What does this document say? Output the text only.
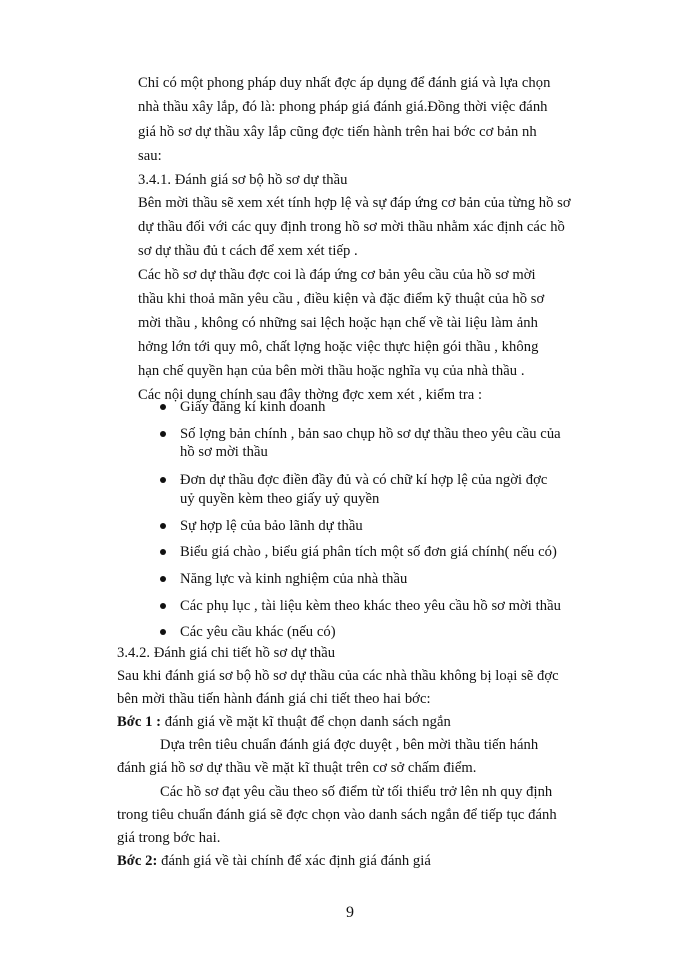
Chỉ có một phong pháp duy nhất đợc áp dụng để đánh giá và lựa chọn
nhà thầu xây lắp, đó là: phong pháp giá đánh giá.Đồng thời việc đánh
giá hồ sơ dự thầu xây lắp cũng đợc tiến hành trên hai bớc cơ bản nh
sau:
3.4.1. Đánh giá sơ bộ hồ sơ dự thầu
Bên mời thầu sẽ xem xét tính hợp lệ và sự đáp ứng cơ bản của từng hồ sơ
dự thầu đối với các quy định trong hồ sơ mời thầu nhằm xác định các hồ
sơ dự thầu đủ t cách để xem xét tiếp .
Các hồ sơ dự thầu đợc coi là đáp ứng cơ bản yêu cầu của hồ sơ mời
thầu khi thoả mãn yêu cầu , điều kiện và đặc điểm kỹ thuật của hồ sơ
mời thầu , không có những sai lệch hoặc hạn chế về tài liệu làm ảnh
hởng lớn tới quy mô, chất lợng hoặc việc thực hiện gói thầu , không
hạn chế quyền hạn của bên mời thầu hoặc nghĩa vụ của nhà thầu .
Các nội dung chính sau đây thờng đợc xem xét , kiểm tra :
Giấy đăng kí kinh doanh
Số lợng bản chính , bản sao chụp hồ sơ dự thầu theo yêu cầu của
hồ sơ mời thầu
Đơn dự thầu đợc điền đầy đủ và có chữ kí hợp lệ của ngời đợc
uỷ quyền kèm theo giấy uỷ quyền
Sự hợp lệ của bảo lãnh dự thầu
Biểu giá chào , biểu giá phân tích một số đơn giá chính( nếu có)
Năng lực và kinh nghiệm của nhà thầu
Các phụ lục , tài liệu kèm theo khác theo yêu cầu hồ sơ mời thầu
Các yêu cầu khác (nếu có)
3.4.2. Đánh giá chi tiết hồ sơ dự thầu
Sau khi đánh giá sơ bộ hồ sơ dự thầu của các nhà thầu không bị loại sẽ đợc
bên mời thầu tiến hành đánh giá chi tiết theo hai bớc:
Bớc 1 : đánh giá về mặt kĩ thuật để chọn danh sách ngắn
Dựa trên tiêu chuẩn đánh giá đợc duyệt , bên mời thầu tiến hánh
đánh giá hồ sơ dự thầu về mặt kĩ thuật trên cơ sở chấm điểm.
Các hồ sơ đạt yêu cầu theo số điểm từ tối thiểu trở lên nh quy định
trong tiêu chuẩn đánh giá sẽ đợc chọn vào danh sách ngắn để tiếp tục đánh
giá trong bớc hai.
Bớc 2: đánh giá về tài chính để xác định giá đánh giá
9
